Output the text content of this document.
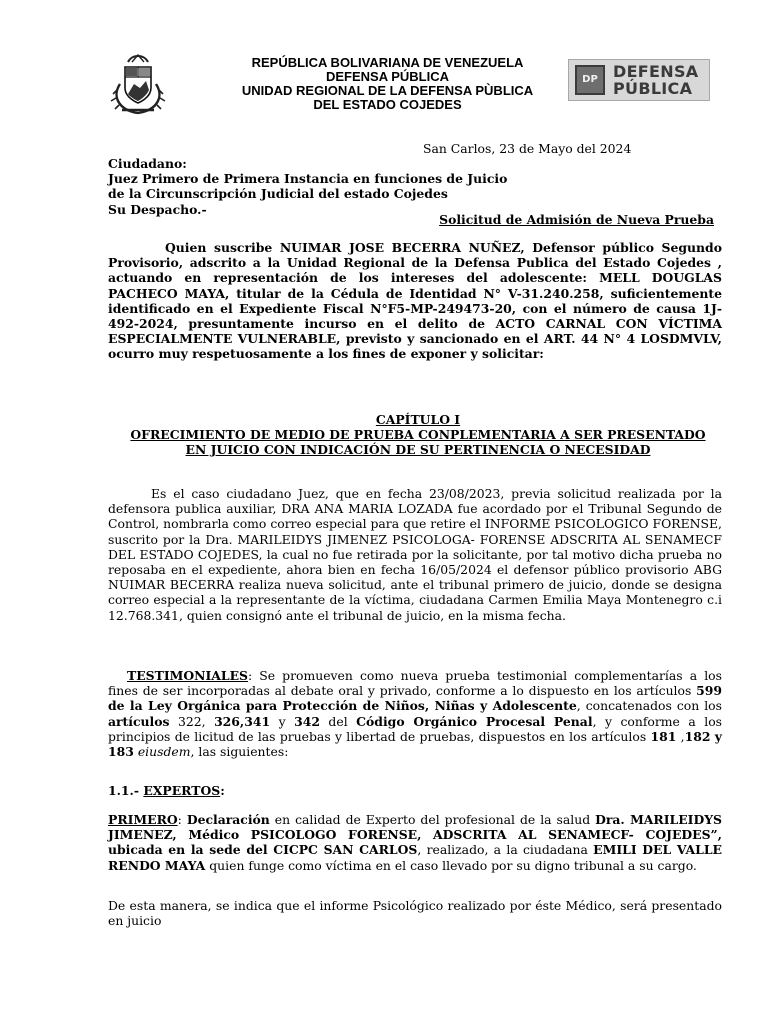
REPÚBLICA BOLIVARIANA DE VENEZUELA
DEFENSA PÚBLICA
UNIDAD REGIONAL DE LA DEFENSA PÙBLICA
DEL ESTADO COJEDES
DP DEFENSA
PÚBLICA
San Carlos, 23 de Mayo del 2024
Ciudadano:
Juez Primero de Primera Instancia en funciones de Juicio
de la Circunscripción Judicial del estado Cojedes
Su Despacho.-
Solicitud de Admisión de Nueva Prueba
Quien suscribe NUIMAR JOSE BECERRA NUÑEZ, Defensor público Segundo Provisorio, adscrito a la Unidad Regional de la Defensa Publica del Estado Cojedes , actuando en representación de los intereses del adolescente: MELL DOUGLAS PACHECO MAYA, titular de la Cédula de Identidad N° V-31.240.258, suficientemente identificado en el Expediente Fiscal N°F5-MP-249473-20, con el número de causa 1J-492-2024, presuntamente incurso en el delito de ACTO CARNAL CON VÍCTIMA ESPECIALMENTE VULNERABLE, previsto y sancionado en el ART. 44 N° 4 LOSDMVLV, ocurro muy respetuosamente a los fines de exponer y solicitar:
CAPÍTULO I
OFRECIMIENTO DE MEDIO DE PRUEBA CONPLEMENTARIA A SER PRESENTADO EN JUICIO CON INDICACIÓN DE SU PERTINENCIA O NECESIDAD
Es el caso ciudadano Juez, que en fecha 23/08/2023, previa solicitud realizada por la defensora publica auxiliar, DRA ANA MARIA LOZADA fue acordado por el Tribunal Segundo de Control, nombrarla como correo especial para que retire el INFORME PSICOLOGICO FORENSE, suscrito por la Dra. MARILEIDYS JIMENEZ PSICOLOGA- FORENSE ADSCRITA AL SENAMECF DEL ESTADO COJEDES, la cual no fue retirada por la solicitante, por tal motivo dicha prueba no reposaba en el expediente, ahora bien en fecha 16/05/2024 el defensor público provisorio ABG NUIMAR BECERRA realiza nueva solicitud, ante el tribunal primero de juicio, donde se designa correo especial a la representante de la víctima, ciudadana Carmen Emilia Maya Montenegro c.i 12.768.341, quien consignó ante el tribunal de juicio, en la misma fecha.
TESTIMONIALES: Se promueven como nueva prueba testimonial complementarías a los fines de ser incorporadas al debate oral y privado, conforme a lo dispuesto en los artículos 599 de la Ley Orgánica para Protección de Niños, Niñas y Adolescente, concatenados con los artículos 322, 326,341 y 342 del Código Orgánico Procesal Penal, y conforme a los principios de licitud de las pruebas y libertad de pruebas, dispuestos en los artículos 181 ,182 y 183 eiusdem, las siguientes:
1.1.- EXPERTOS:
PRIMERO: Declaración en calidad de Experto del profesional de la salud Dra. MARILEIDYS JIMENEZ, Médico PSICOLOGO FORENSE, ADSCRITA AL SENAMECF- COJEDES”, ubicada en la sede del CICPC SAN CARLOS, realizado, a la ciudadana EMILI DEL VALLE RENDO MAYA quien funge como víctima en el caso llevado por su digno tribunal a su cargo.
De esta manera, se indica que el informe Psicológico realizado por éste Médico, será presentado en juicio
